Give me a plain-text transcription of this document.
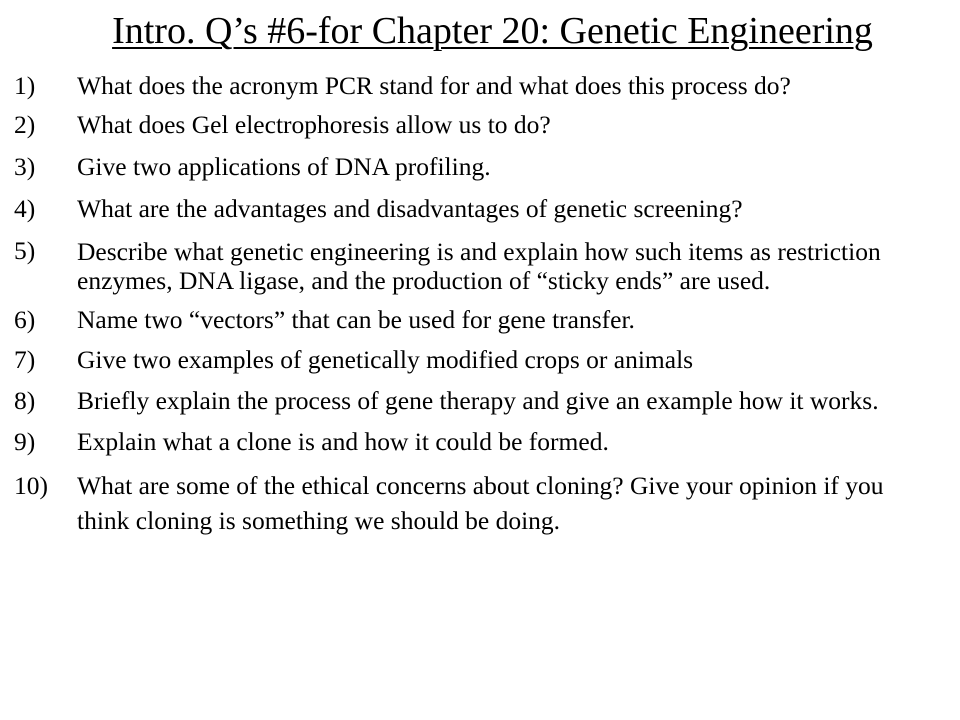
Intro. Q’s #6-for Chapter 20: Genetic Engineering
1) What does the acronym PCR stand for and what does this process do?
2) What does Gel electrophoresis allow us to do?
3) Give two applications of DNA profiling.
4) What are the advantages and disadvantages of genetic screening?
5) Describe what genetic engineering is and explain how such items as restriction enzymes, DNA ligase, and the production of “sticky ends” are used.
6) Name two “vectors” that can be used for gene transfer.
7) Give two examples of genetically modified crops or animals
8) Briefly explain the process of gene therapy and give an example how it works.
9) Explain what a clone is and how it could be formed.
10) What are some of the ethical concerns about cloning? Give your opinion if you think cloning is something we should be doing.
